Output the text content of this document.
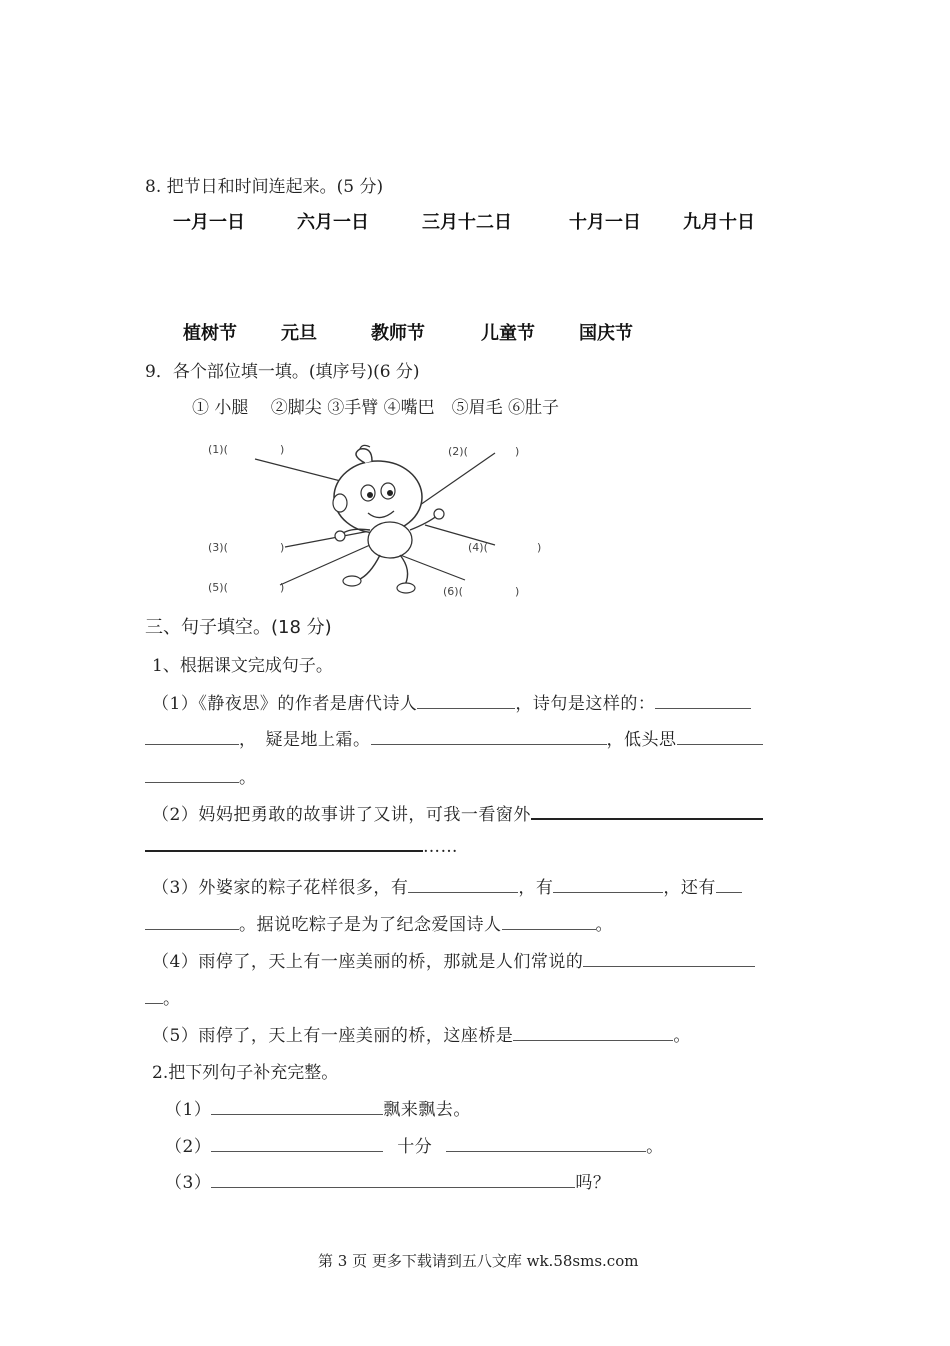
8. 把节日和时间连起来。(5 分)
一月一日	六月一日	三月十二日	十月一日 九月十日
植树节 元旦	教师节	儿童节 国庆节
9．各个部位填一填。(填序号)(6 分)
① 小腿　 ②脚尖 ③手臂 ④嘴巴　⑤眉毛 ⑥肚子
(1)(	)	(2)(	)
(3)(	)	(4)(	)
(5)(	)	(6)(	)
三、句子填空。(18 分)
1、根据课文完成句子。
（1）《静夜思》的作者是唐代诗人	，诗句是这样的：
，　疑是地上霜。	，低头思
。
（2）妈妈把勇敢的故事讲了又讲，可我一看窗外
……
（3）外婆家的粽子花样很多，有	，有	，还有
。据说吃粽子是为了纪念爱国诗人	。
（4）雨停了，天上有一座美丽的桥，那就是人们常说的
。
（5）雨停了，天上有一座美丽的桥，这座桥是	。
2.把下列句子补充完整。
（1）	飘来飘去。
（2）	十分	。
（3）	吗？
第 3 页 更多下载请到五八文库 wk.58sms.com
